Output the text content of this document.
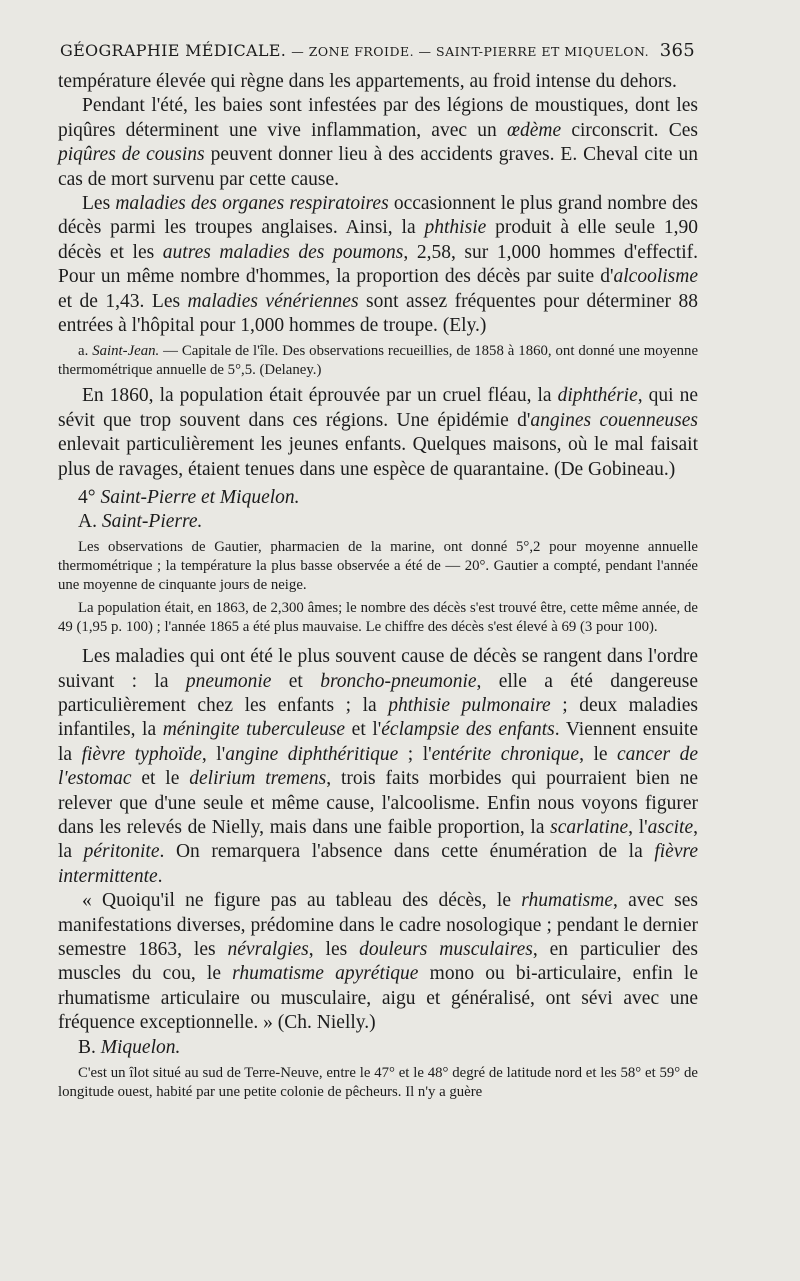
GÉOGRAPHIE MÉDICALE. — ZONE FROIDE. — SAINT-PIERRE ET MIQUELON. 365

température élevée qui règne dans les appartements, au froid intense du dehors.

Pendant l'été, les baies sont infestées par des légions de moustiques, dont les piqûres déterminent une vive inflammation, avec un œdème circonscrit. Ces piqûres de cousins peuvent donner lieu à des accidents graves. E. Cheval cite un cas de mort survenu par cette cause.

Les maladies des organes respiratoires occasionnent le plus grand nombre des décès parmi les troupes anglaises. Ainsi, la phthisie produit à elle seule 1,90 décès et les autres maladies des poumons, 2,58, sur 1,000 hommes d'effectif. Pour un même nombre d'hommes, la proportion des décès par suite d'alcoolisme et de 1,43. Les maladies vénériennes sont assez fréquentes pour déterminer 88 entrées à l'hôpital pour 1,000 hommes de troupe. (Ely.)

a. Saint-Jean. — Capitale de l'île. Des observations recueillies, de 1858 à 1860, ont donné une moyenne thermométrique annuelle de 5°,5. (Delaney.)

En 1860, la population était éprouvée par un cruel fléau, la diphthérie, qui ne sévit que trop souvent dans ces régions. Une épidémie d'angines couenneuses enlevait particulièrement les jeunes enfants. Quelques maisons, où le mal faisait plus de ravages, étaient tenues dans une espèce de quarantaine. (De Gobineau.)

4° Saint-Pierre et Miquelon.

A. Saint-Pierre.

Les observations de Gautier, pharmacien de la marine, ont donné 5°,2 pour moyenne annuelle thermométrique ; la température la plus basse observée a été de — 20°. Gautier a compté, pendant l'année une moyenne de cinquante jours de neige.

La population était, en 1863, de 2,300 âmes; le nombre des décès s'est trouvé être, cette même année, de 49 (1,95 p. 100) ; l'année 1865 a été plus mauvaise. Le chiffre des décès s'est élevé à 69 (3 pour 100).

Les maladies qui ont été le plus souvent cause de décès se rangent dans l'ordre suivant : la pneumonie et broncho-pneumonie, elle a été dangereuse particulièrement chez les enfants ; la phthisie pulmonaire ; deux maladies infantiles, la méningite tuberculeuse et l'éclampsie des enfants. Viennent ensuite la fièvre typhoïde, l'angine diphthéritique ; l'entérite chronique, le cancer de l'estomac et le delirium tremens, trois faits morbides qui pourraient bien ne relever que d'une seule et même cause, l'alcoolisme. Enfin nous voyons figurer dans les relevés de Nielly, mais dans une faible proportion, la scarlatine, l'ascite, la péritonite. On remarquera l'absence dans cette énumération de la fièvre intermittente.

« Quoiqu'il ne figure pas au tableau des décès, le rhumatisme, avec ses manifestations diverses, prédomine dans le cadre nosologique ; pendant le dernier semestre 1863, les névralgies, les douleurs musculaires, en particulier des muscles du cou, le rhumatisme apyrétique mono ou bi-articulaire, enfin le rhumatisme articulaire ou musculaire, aigu et généralisé, ont sévi avec une fréquence exceptionnelle. » (Ch. Nielly.)

B. Miquelon.

C'est un îlot situé au sud de Terre-Neuve, entre le 47° et le 48° degré de latitude nord et les 58° et 59° de longitude ouest, habité par une petite colonie de pêcheurs. Il n'y a guère
